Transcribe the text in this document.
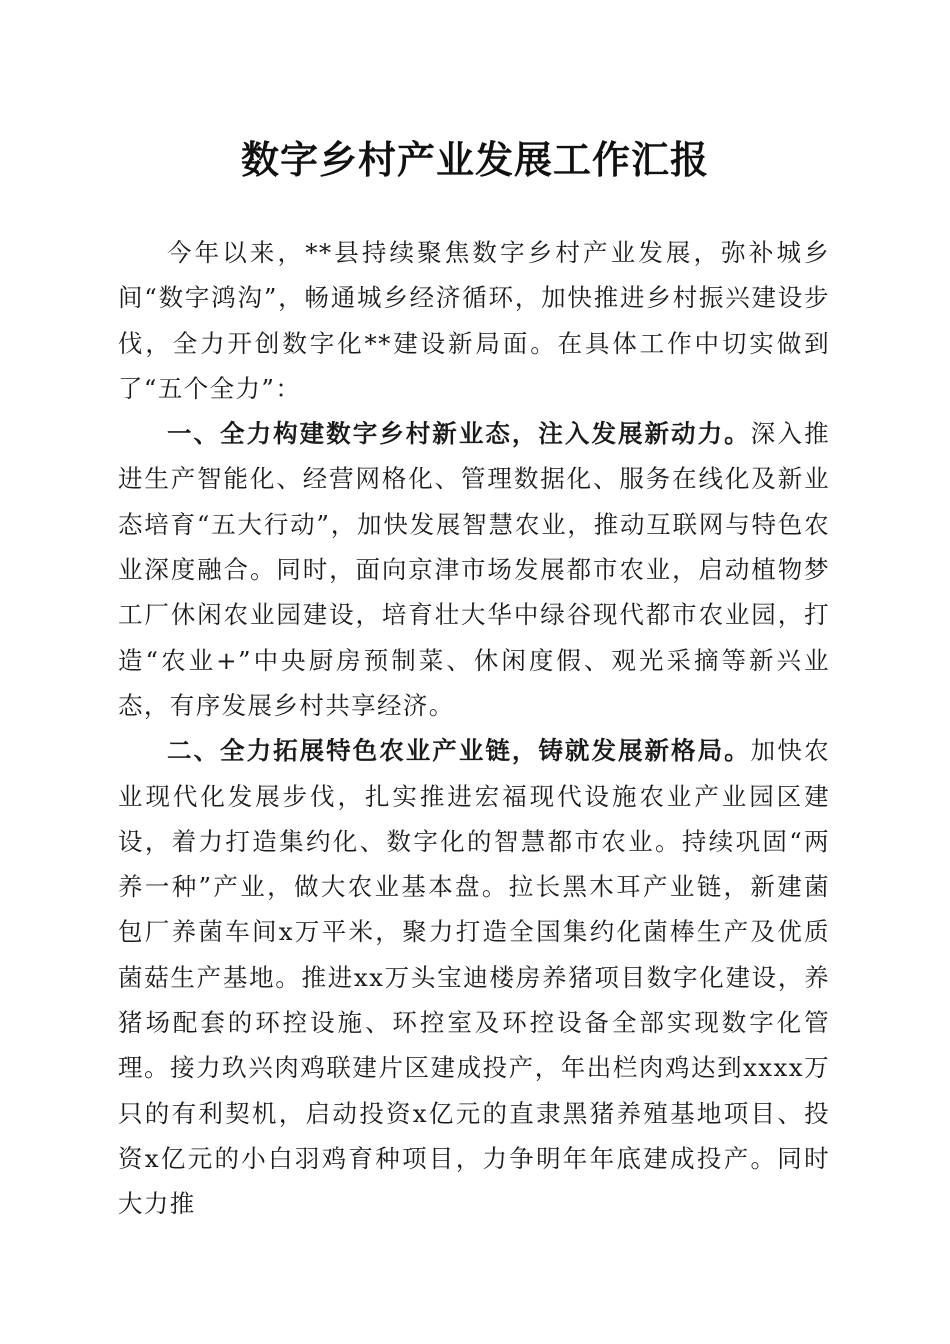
数字乡村产业发展工作汇报

今年以来，**县持续聚焦数字乡村产业发展，弥补城乡间“数字鸿沟”，畅通城乡经济循环，加快推进乡村振兴建设步伐，全力开创数字化**建设新局面。在具体工作中切实做到了“五个全力”：

一、全力构建数字乡村新业态，注入发展新动力。深入推进生产智能化、经营网格化、管理数据化、服务在线化及新业态培育“五大行动”，加快发展智慧农业，推动互联网与特色农业深度融合。同时，面向京津市场发展都市农业，启动植物梦工厂休闲农业园建设，培育壮大华中绿谷现代都市农业园，打造“农业+”中央厨房预制菜、休闲度假、观光采摘等新兴业态，有序发展乡村共享经济。

二、全力拓展特色农业产业链，铸就发展新格局。加快农业现代化发展步伐，扎实推进宏福现代设施农业产业园区建设，着力打造集约化、数字化的智慧都市农业。持续巩固“两养一种”产业，做大农业基本盘。拉长黑木耳产业链，新建菌包厂养菌车间x万平米，聚力打造全国集约化菌棒生产及优质菌菇生产基地。推进xx万头宝迪楼房养猪项目数字化建设，养猪场配套的环控设施、环控室及环控设备全部实现数字化管理。接力玖兴肉鸡联建片区建成投产，年出栏肉鸡达到xxxx万只的有利契机，启动投资x亿元的直隶黑猪养殖基地项目、投资x亿元的小白羽鸡育种项目，力争明年年底建成投产。同时大力推
